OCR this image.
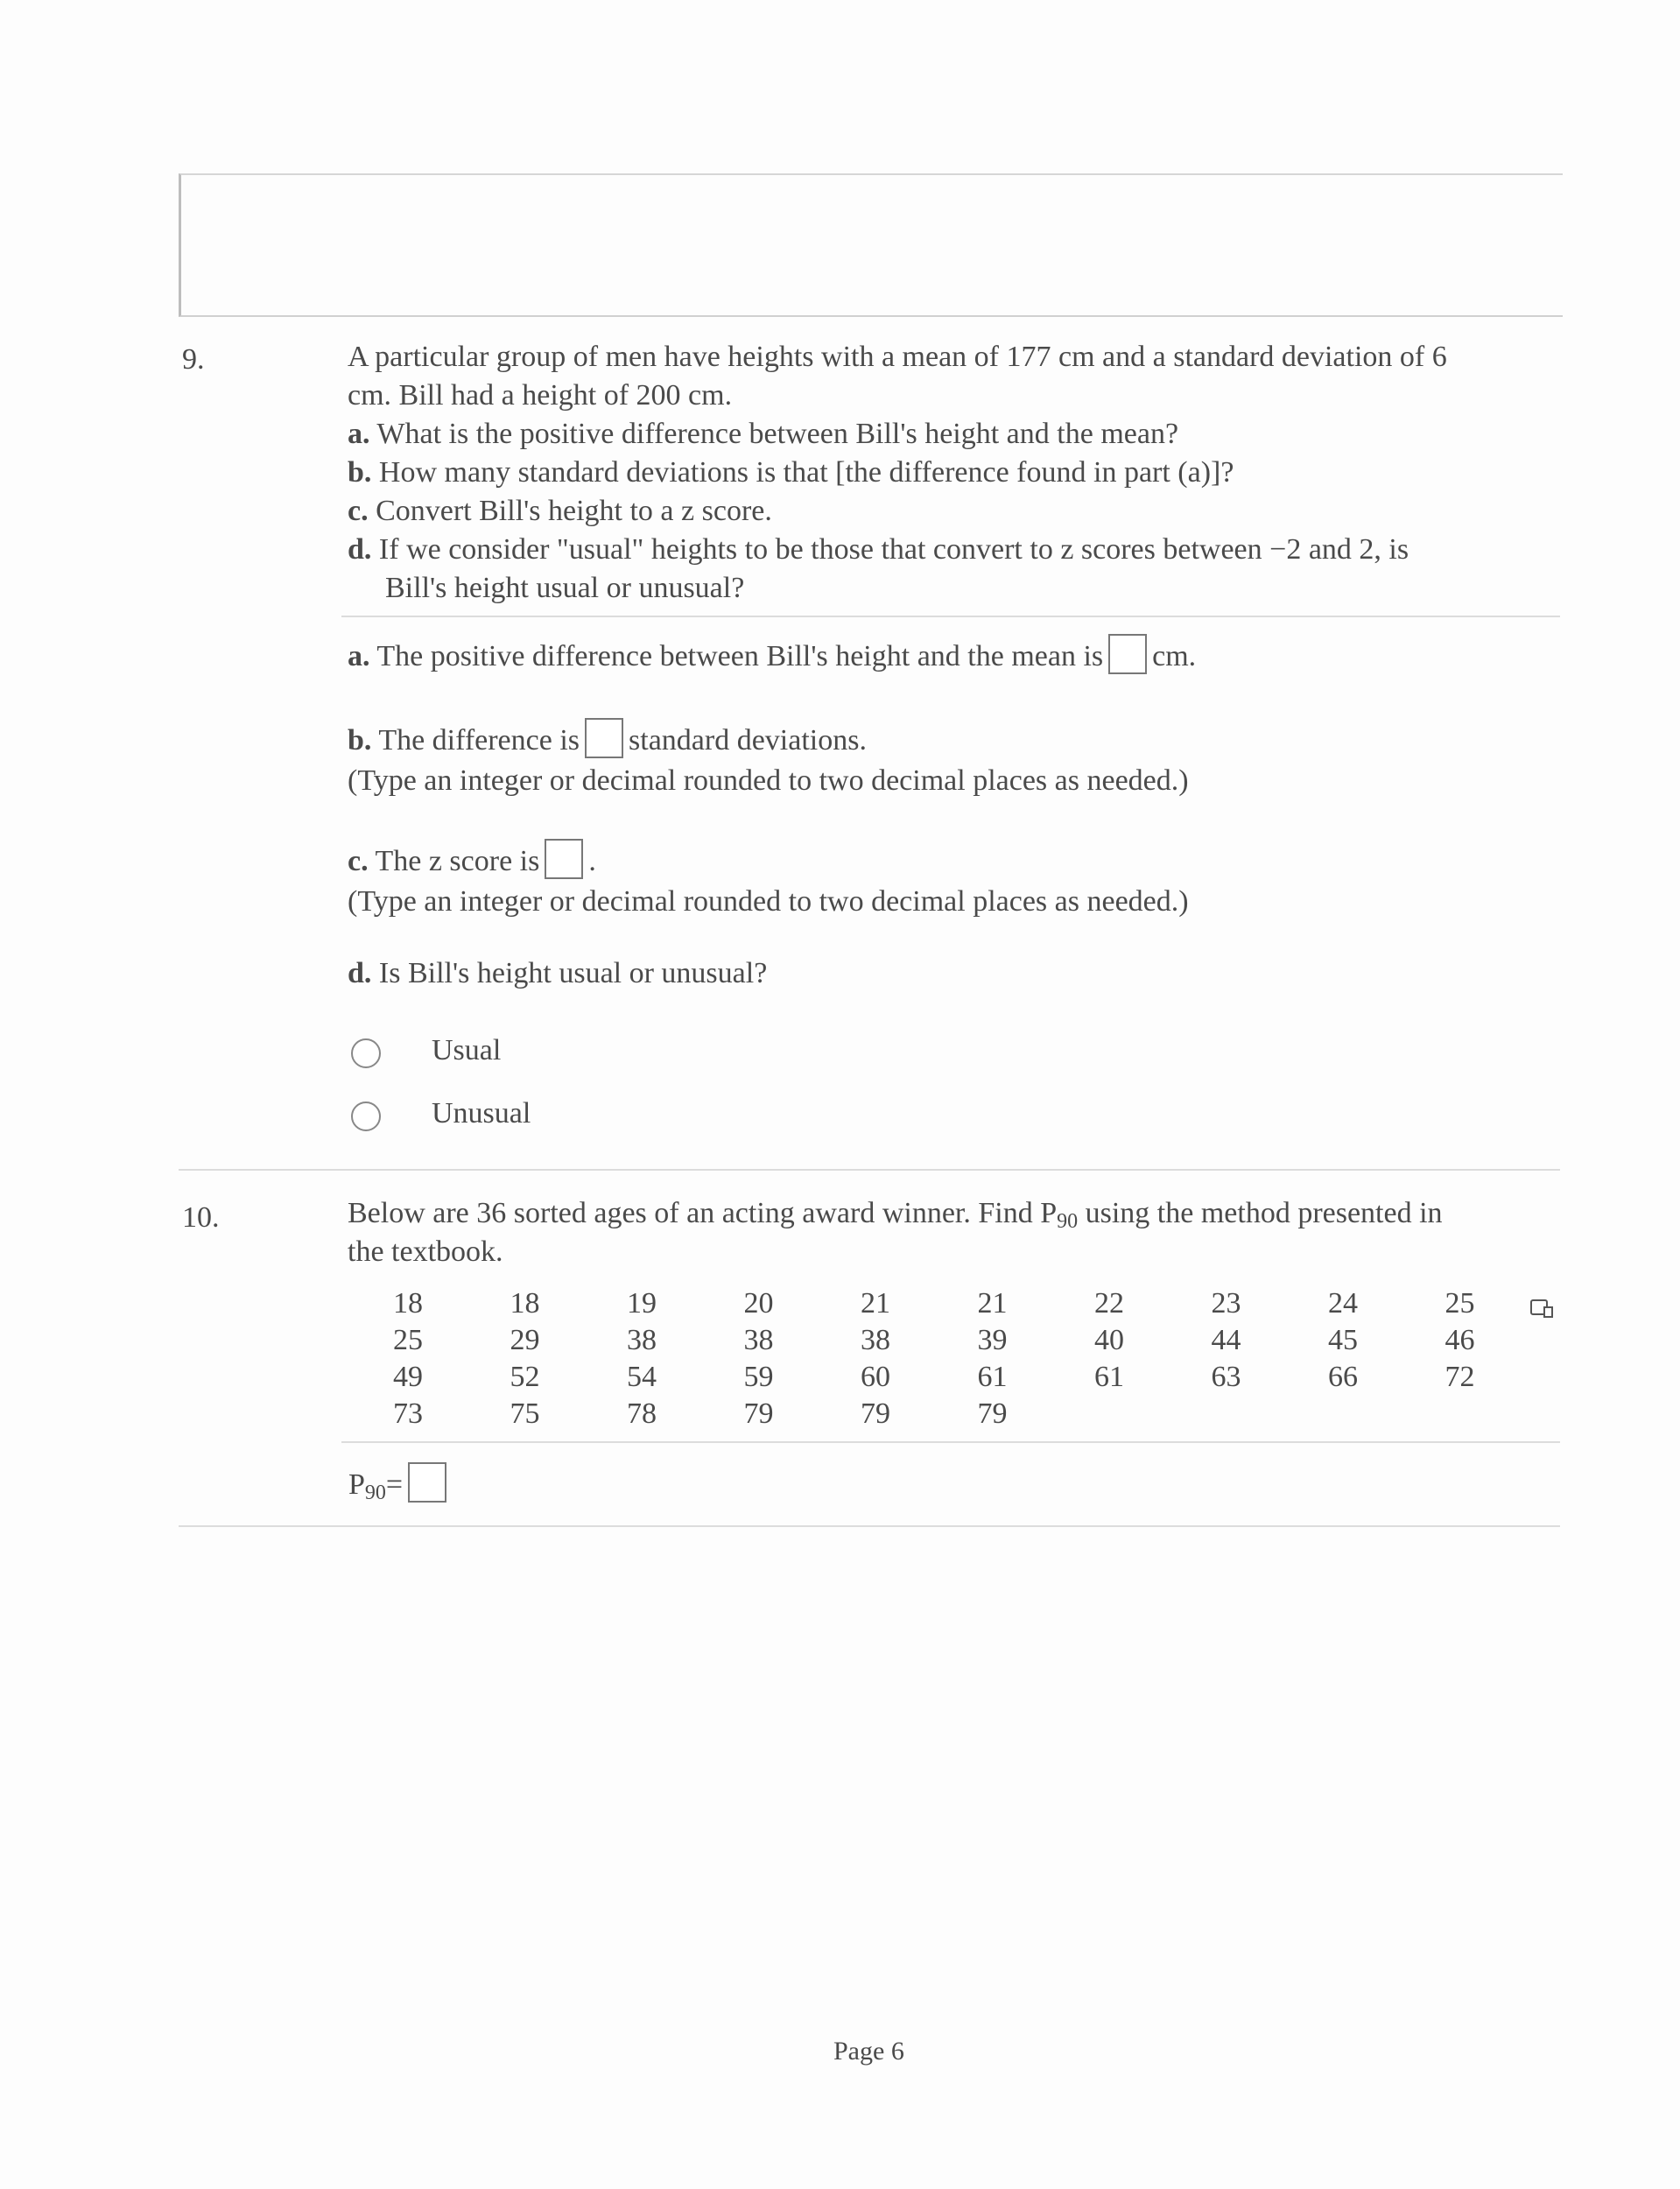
9.	A particular group of men have heights with a mean of 177 cm and a standard deviation of 6
cm. Bill had a height of 200 cm.
a. What is the positive difference between Bill's height and the mean?
b. How many standard deviations is that [the difference found in part (a)]?
c. Convert Bill's height to a z score.
d. If we consider "usual" heights to be those that convert to z scores between −2 and 2, is
Bill's height usual or unusual?
a. The positive difference between Bill's height and the mean is cm.
b. The difference is standard deviations.
(Type an integer or decimal rounded to two decimal places as needed.)
c. The z score is .
(Type an integer or decimal rounded to two decimal places as needed.)
d. Is Bill's height usual or unusual?
Usual
Unusual
10.	Below are 36 sorted ages of an acting award winner. Find $P_{90}$ using the method presented in
the textbook.
18	18	19	20	21	21	22	23	24	25
25	29	38	38	38	39	40	44	45	46
49	52	54	59	60	61	61	63	66	72
73	75	78	79	79	79
$P_{90}=$
Page 6
